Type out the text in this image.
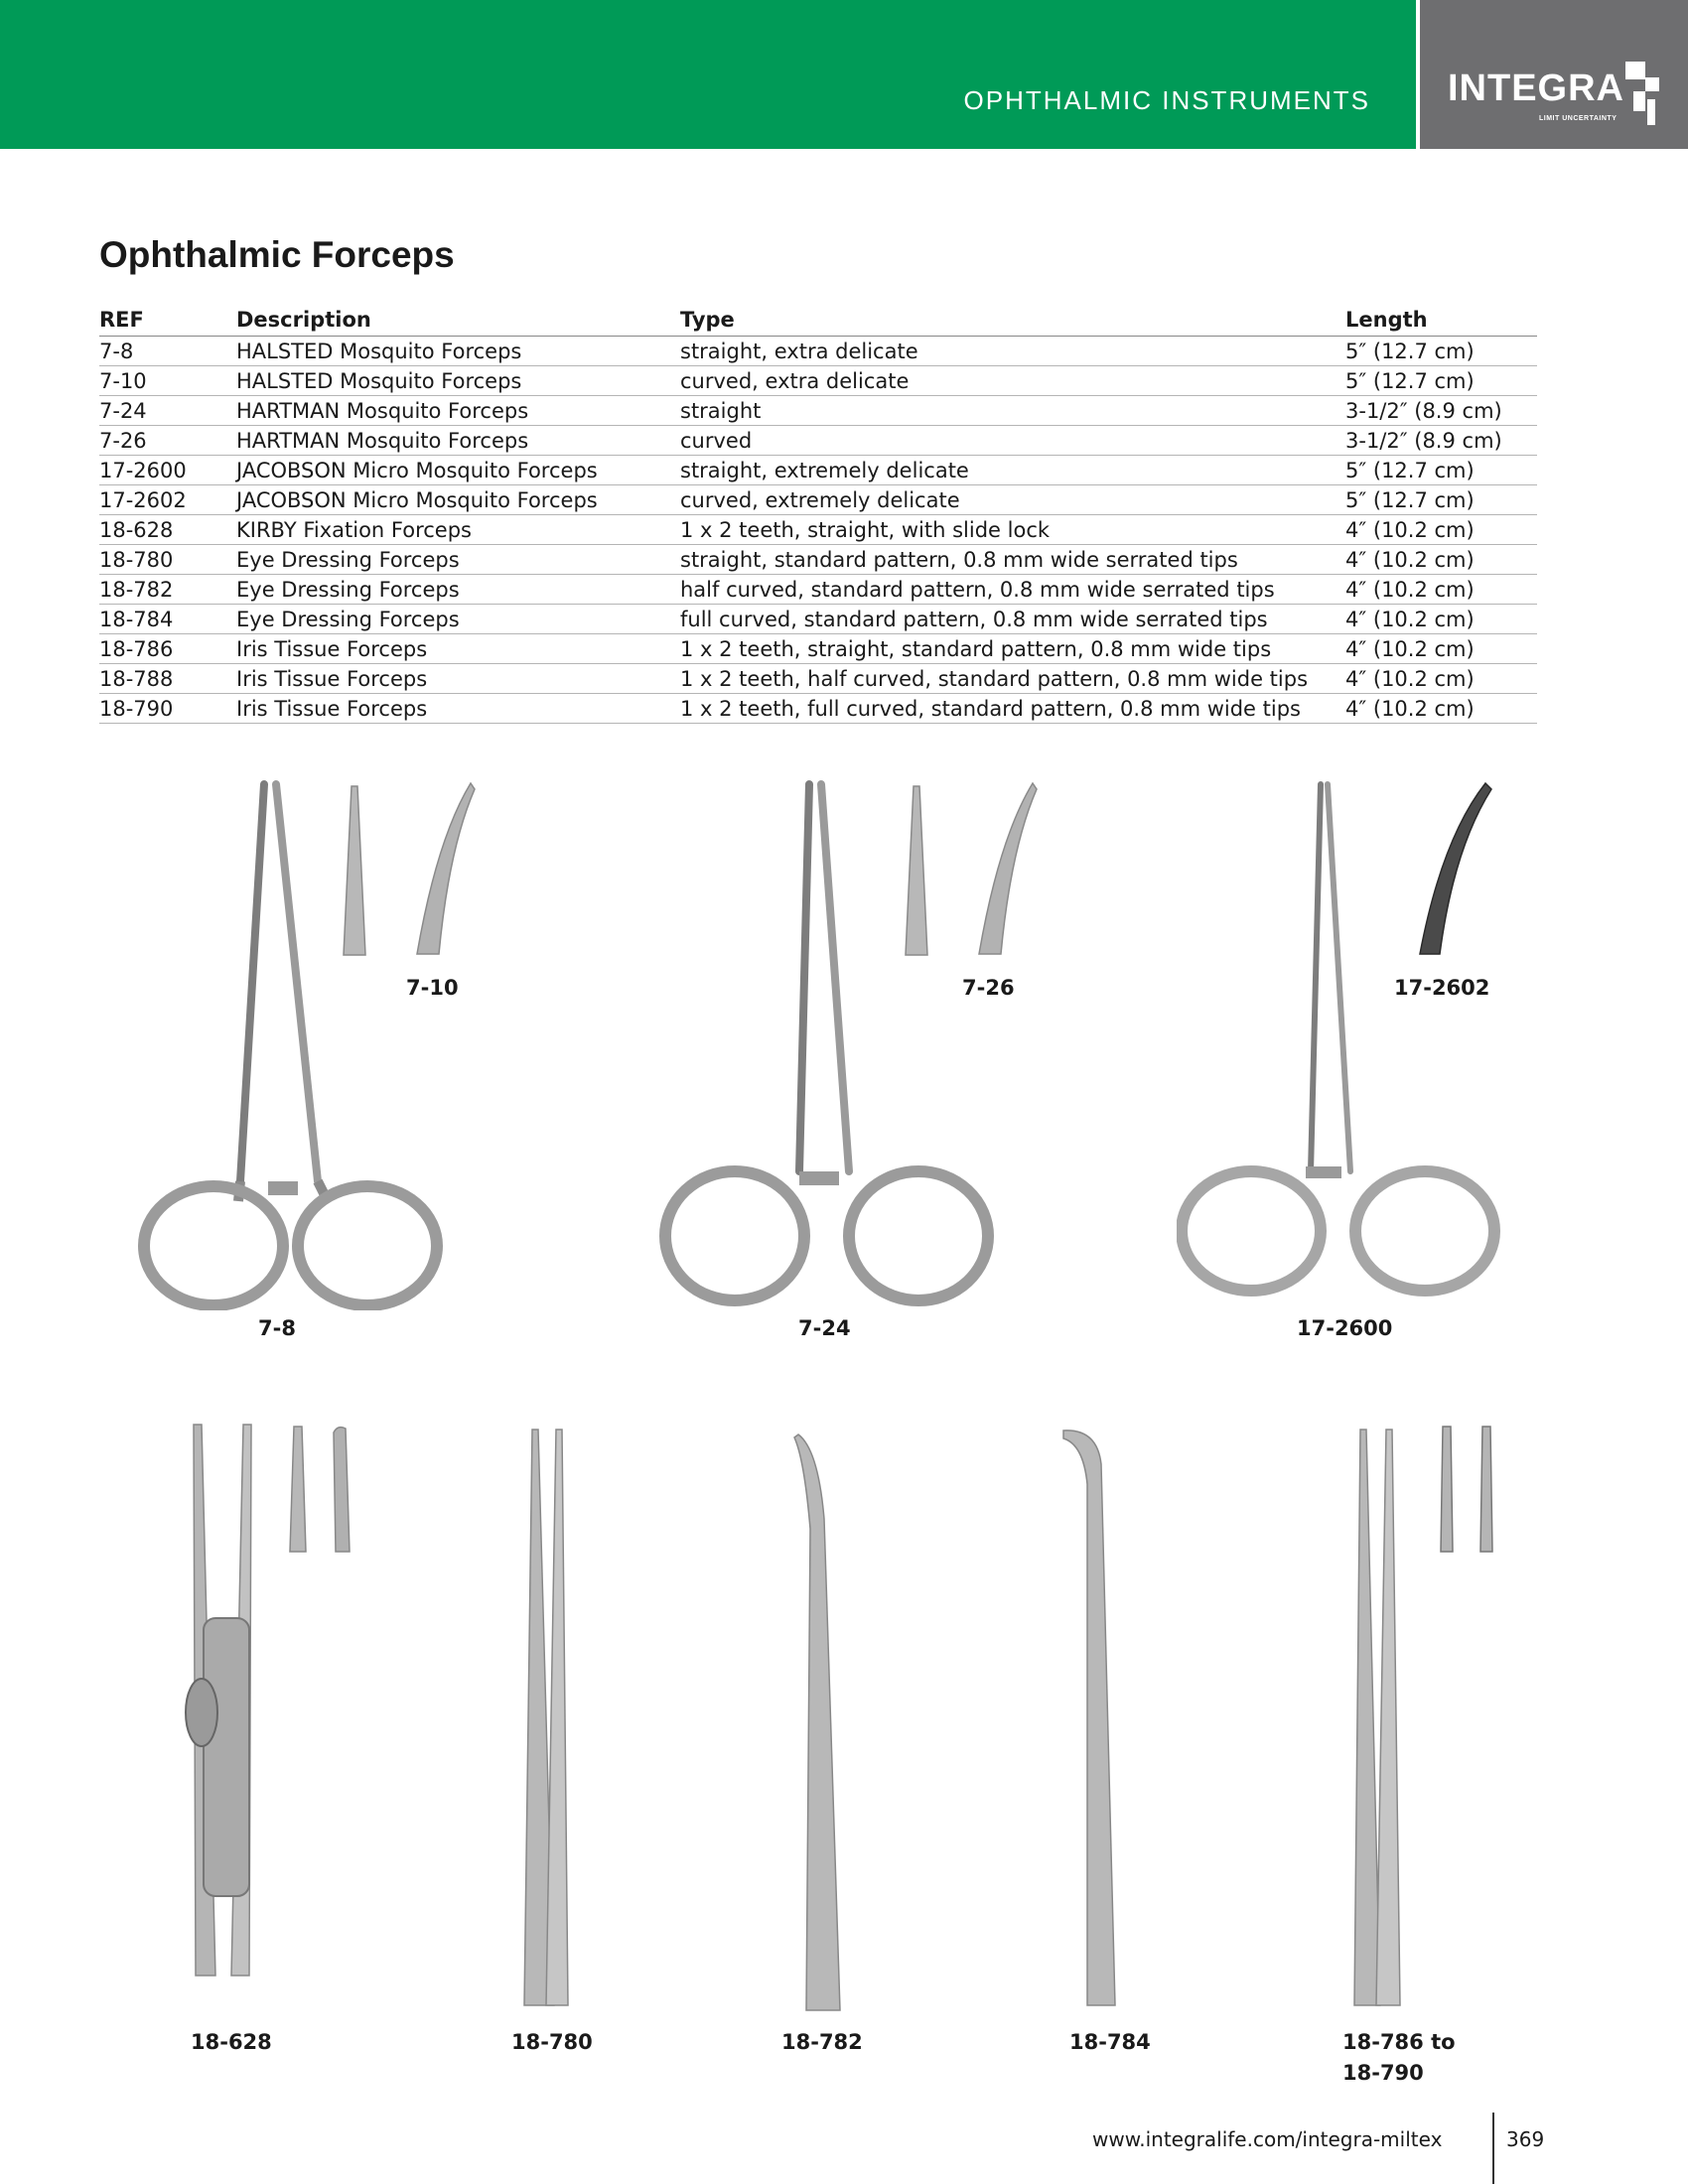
OPHTHALMIC INSTRUMENTS INTEGRA
LIMIT UNCERTAINTY
Ophthalmic Forceps
REF	Description	Type	Length
7-8	HALSTED Mosquito Forceps	straight, extra delicate	5″ (12.7 cm)
7-10	HALSTED Mosquito Forceps	curved, extra delicate	5″ (12.7 cm)
7-24	HARTMAN Mosquito Forceps	straight	3-1/2″ (8.9 cm)
7-26	HARTMAN Mosquito Forceps	curved	3-1/2″ (8.9 cm)
17-2600	JACOBSON Micro Mosquito Forceps	straight, extremely delicate	5″ (12.7 cm)
17-2602	JACOBSON Micro Mosquito Forceps	curved, extremely delicate	5″ (12.7 cm)
18-628	KIRBY Fixation Forceps	1 x 2 teeth, straight, with slide lock	4″ (10.2 cm)
18-780	Eye Dressing Forceps	straight, standard pattern, 0.8 mm wide serrated tips	4″ (10.2 cm)
18-782	Eye Dressing Forceps	half curved, standard pattern, 0.8 mm wide serrated tips	4″ (10.2 cm)
18-784	Eye Dressing Forceps	full curved, standard pattern, 0.8 mm wide serrated tips	4″ (10.2 cm)
18-786	Iris Tissue Forceps	1 x 2 teeth, straight, standard pattern, 0.8 mm wide tips	4″ (10.2 cm)
18-788	Iris Tissue Forceps	1 x 2 teeth, half curved, standard pattern, 0.8 mm wide tips	4″ (10.2 cm)
18-790	Iris Tissue Forceps	1 x 2 teeth, full curved, standard pattern, 0.8 mm wide tips	4″ (10.2 cm)
7-10	7-26	17-2602
7-8	7-24	17-2600
18-628	18-780	18-782	18-784	18-786 to
18-790
www.integralife.com/integra-miltex	369
